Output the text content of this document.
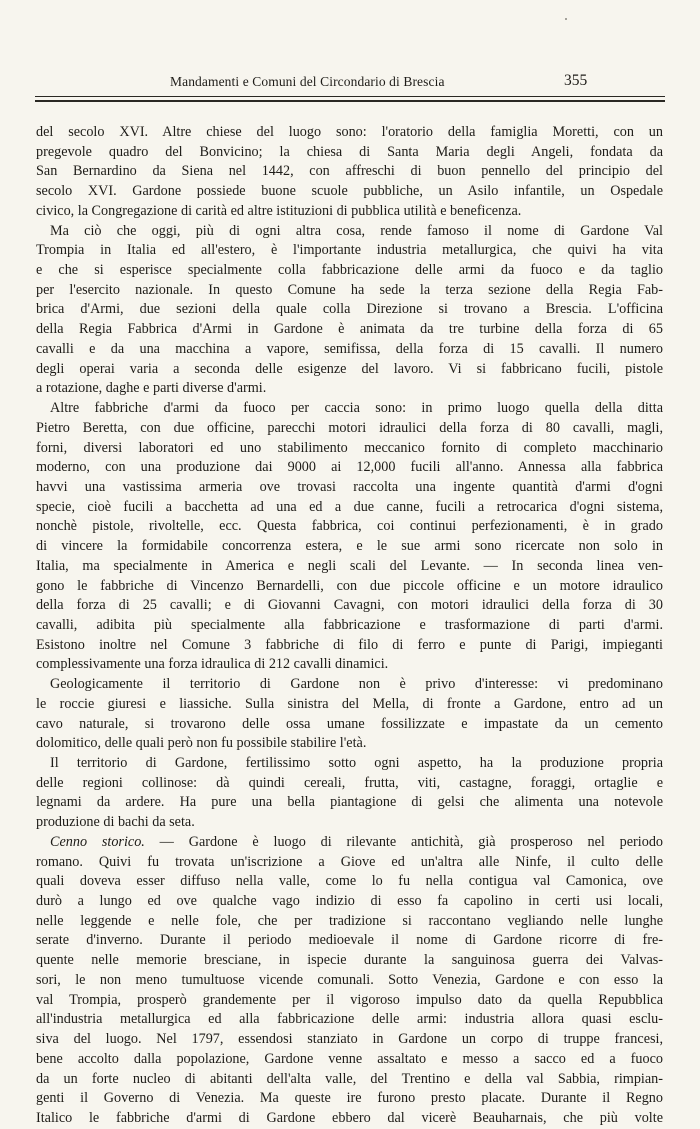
Mandamenti e Comuni del Circondario di Brescia	355
del secolo XVI. Altre chiese del luogo sono: l'oratorio della famiglia Moretti, con un
pregevole quadro del Bonvicino; la chiesa di Santa Maria degli Angeli, fondata da
San Bernardino da Siena nel 1442, con affreschi di buon pennello del principio del
secolo XVI. Gardone possiede buone scuole pubbliche, un Asilo infantile, un Ospedale
civico, la Congregazione di carità ed altre istituzioni di pubblica utilità e beneficenza.
Ma ciò che oggi, più di ogni altra cosa, rende famoso il nome di Gardone Val
Trompia in Italia ed all'estero, è l'importante industria metallurgica, che quivi ha vita
e che si esperisce specialmente colla fabbricazione delle armi da fuoco e da taglio
per l'esercito nazionale. In questo Comune ha sede la terza sezione della Regia Fab-
brica d'Armi, due sezioni della quale colla Direzione si trovano a Brescia. L'officina
della Regia Fabbrica d'Armi in Gardone è animata da tre turbine della forza di 65
cavalli e da una macchina a vapore, semifissa, della forza di 15 cavalli. Il numero
degli operai varia a seconda delle esigenze del lavoro. Vi si fabbricano fucili, pistole
a rotazione, daghe e parti diverse d'armi.
Altre fabbriche d'armi da fuoco per caccia sono: in primo luogo quella della ditta
Pietro Beretta, con due officine, parecchi motori idraulici della forza di 80 cavalli, magli,
forni, diversi laboratori ed uno stabilimento meccanico fornito di completo macchinario
moderno, con una produzione dai 9000 ai 12,000 fucili all'anno. Annessa alla fabbrica
havvi una vastissima armeria ove trovasi raccolta una ingente quantità d'armi d'ogni
specie, cioè fucili a bacchetta ad una ed a due canne, fucili a retrocarica d'ogni sistema,
nonchè pistole, rivoltelle, ecc. Questa fabbrica, coi continui perfezionamenti, è in grado
di vincere la formidabile concorrenza estera, e le sue armi sono ricercate non solo in
Italia, ma specialmente in America e negli scali del Levante. — In seconda linea ven-
gono le fabbriche di Vincenzo Bernardelli, con due piccole officine e un motore idraulico
della forza di 25 cavalli; e di Giovanni Cavagni, con motori idraulici della forza di 30
cavalli, adibita più specialmente alla fabbricazione e trasformazione di parti d'armi.
Esistono inoltre nel Comune 3 fabbriche di filo di ferro e punte di Parigi, impieganti
complessivamente una forza idraulica di 212 cavalli dinamici.
Geologicamente il territorio di Gardone non è privo d'interesse: vi predominano
le roccie giuresi e liassiche. Sulla sinistra del Mella, di fronte a Gardone, entro ad un
cavo naturale, si trovarono delle ossa umane fossilizzate e impastate da un cemento
dolomitico, delle quali però non fu possibile stabilire l'età.
Il territorio di Gardone, fertilissimo sotto ogni aspetto, ha la produzione propria
delle regioni collinose: dà quindi cereali, frutta, viti, castagne, foraggi, ortaglie e
legnami da ardere. Ha pure una bella piantagione di gelsi che alimenta una notevole
produzione di bachi da seta.
Cenno storico. — Gardone è luogo di rilevante antichità, già prosperoso nel periodo
romano. Quivi fu trovata un'iscrizione a Giove ed un'altra alle Ninfe, il culto delle
quali doveva esser diffuso nella valle, come lo fu nella contigua val Camonica, ove
durò a lungo ed ove qualche vago indizio di esso fa capolino in certi usi locali,
nelle leggende e nelle fole, che per tradizione si raccontano vegliando nelle lunghe
serate d'inverno. Durante il periodo medioevale il nome di Gardone ricorre di fre-
quente nelle memorie bresciane, in ispecie durante la sanguinosa guerra dei Valvas-
sori, le non meno tumultuose vicende comunali. Sotto Venezia, Gardone e con esso la
val Trompia, prosperò grandemente per il vigoroso impulso dato da quella Repubblica
all'industria metallurgica ed alla fabbricazione delle armi: industria allora quasi esclu-
siva del luogo. Nel 1797, essendosi stanziato in Gardone un corpo di truppe francesi,
bene accolto dalla popolazione, Gardone venne assaltato e messo a sacco ed a fuoco
da un forte nucleo di abitanti dell'alta valle, del Trentino e della val Sabbia, rimpian-
genti il Governo di Venezia. Ma queste ire furono presto placate. Durante il Regno
Italico le fabbriche d'armi di Gardone ebbero dal vicerè Beauharnais, che più volte
